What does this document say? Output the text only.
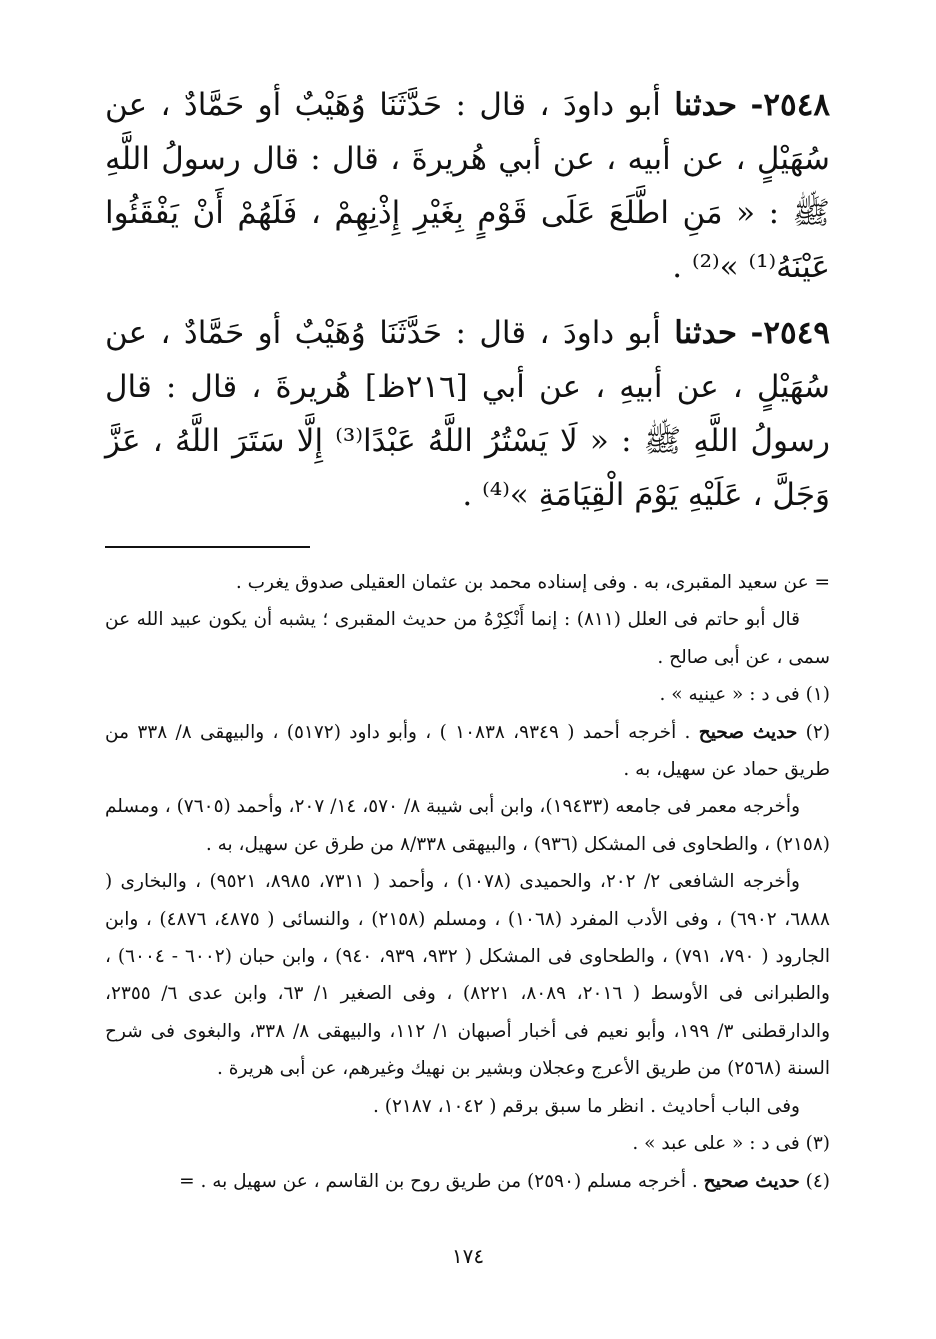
٢٥٤٨- حدثنا أبو داودَ ، قال : حَدَّثَنَا وُهَيْبٌ أو حَمَّادٌ ، عن سُهَيْلٍ ، عن أبيه ، عن أبي هُريرةَ ، قال : قال رسولُ اللَّهِ ﷺ : « مَنِ اطَّلَعَ عَلَى قَوْمٍ بِغَيْرِ إِذْنِهِمْ ، فَلَهُمْ أَنْ يَفْقَئُوا عَيْنَهُ⁽¹⁾ »⁽²⁾ .

٢٥٤٩- حدثنا أبو داودَ ، قال : حَدَّثَنَا وُهَيْبٌ أو حَمَّادٌ ، عن سُهَيْلٍ ، عن أبيهِ ، عن أبي [٢١٦ظ] هُريرةَ ، قال : قال رسولُ اللَّهِ ﷺ : « لَا يَسْتُرُ اللَّهُ عَبْدًا⁽³⁾ إِلَّا سَتَرَ اللَّهُ ، عَزَّ وَجَلَّ ، عَلَيْهِ يَوْمَ الْقِيَامَةِ »⁽⁴⁾ .

= عن سعيد المقبرى، به . وفى إسناده محمد بن عثمان العقيلى صدوق يغرب .

قال أبو حاتم فى العلل (٨١١) : إنما أَنْكِرْهُ من حديث المقبرى ؛ يشبه أن يكون عبيد الله عن سمى ، عن أبى صالح .

(١) فى د : « عينيه » .

(٢) حديث صحيح . أخرجه أحمد ( ٩٣٤٩، ١٠٨٣٨ ) ، وأبو داود (٥١٧٢) ، والبيهقى ٨/ ٣٣٨ من طريق حماد عن سهيل، به .

وأخرجه معمر فى جامعه (١٩٤٣٣)، وابن أبى شيبة ٨/ ٥٧٠، ١٤/ ٢٠٧، وأحمد (٧٦٠٥) ، ومسلم (٢١٥٨) ، والطحاوى فى المشكل (٩٣٦) ، والبيهقى ٨/٣٣٨ من طرق عن سهيل، به .

وأخرجه الشافعى ٢/ ٢٠٢، والحميدى (١٠٧٨) ، وأحمد ( ٧٣١١، ٨٩٨٥، ٩٥٢١) ، والبخارى ( ٦٨٨٨، ٦٩٠٢) ، وفى الأدب المفرد (١٠٦٨) ، ومسلم (٢١٥٨) ، والنسائى ( ٤٨٧٥، ٤٨٧٦) ، وابن الجارود ( ٧٩٠، ٧٩١) ، والطحاوى فى المشكل ( ٩٣٢، ٩٣٩، ٩٤٠) ، وابن حبان (٦٠٠٢ - ٦٠٠٤) ، والطبرانى فى الأوسط ( ٢٠١٦، ٨٠٨٩، ٨٢٢١) ، وفى الصغير ١/ ٦٣، وابن عدى ٦/ ٢٣٥٥، والدارقطنى ٣/ ١٩٩، وأبو نعيم فى أخبار أصبهان ١/ ١١٢، والبيهقى ٨/ ٣٣٨، والبغوى فى شرح السنة (٢٥٦٨) من طريق الأعرج وعجلان وبشير بن نهيك وغيرهم، عن أبى هريرة .

وفى الباب أحاديث . انظر ما سبق برقم ( ١٠٤٢، ٢١٨٧) .

(٣) فى د : « على عبد » .

(٤) حديث صحيح . أخرجه مسلم (٢٥٩٠) من طريق روح بن القاسم ، عن سهيل به . =

١٧٤
